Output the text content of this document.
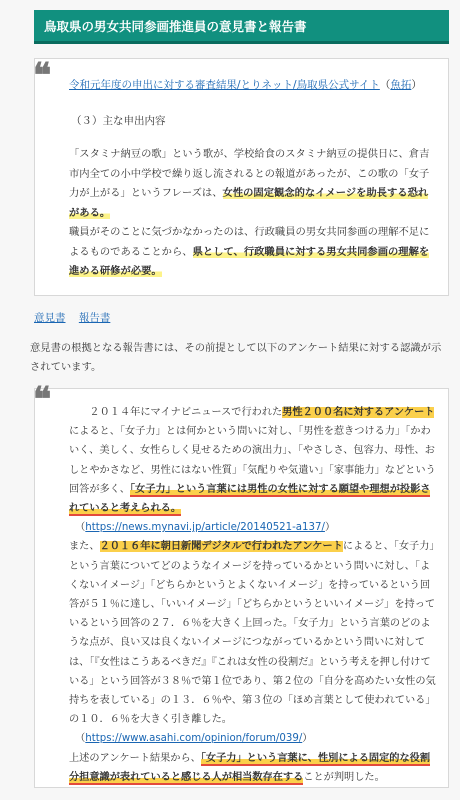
鳥取県の男女共同参画推進員の意見書と報告書
❝ 令和元年度の申出に対する審査結果/とりネット/鳥取県公式サイト（魚拓）
（３）主な申出内容
「スタミナ納豆の歌」という歌が、学校給食のスタミナ納豆の提供日に、倉吉市内全ての小中学校で繰り返し流されるとの報道があったが、この歌の「女子力が上がる」というフレーズは、女性の固定観念的なイメージを助長する恐れがある。
職員がそのことに気づかなかったのは、行政職員の男女共同参画の理解不足によるものであることから、県として、行政職員に対する男女共同参画の理解を進める研修が必要。
意見書 報告書
意見書の根拠となる報告書には、その前提として以下のアンケート結果に対する認識が示されています。
❝	２０１４年にマイナビニュースで行われた男性２００名に対するアンケートによると、「女子力」とは何かという問いに対し、「男性を惹きつける力」「かわいく、美しく、女性らしく見せるための演出力」、「やさしさ、包容力、母性、おしとやかさなど、男性にはない性質」「気配りや気遣い」「家事能力」などという回答が多く、「女子力」という言葉には男性の女性に対する願望や理想が投影されていると考えられる。
（https://news.mynavi.jp/article/20140521-a137/）
また、２０１６年に朝日新聞デジタルで行われたアンケートによると、「女子力」という言葉についてどのようなイメージを持っているかという問いに対し、「よくないイメージ」「どちらかというとよくないイメージ」を持っているという回答が５１％に達し、「いいイメージ」「どちらかというといいイメージ」を持っているという回答の２７．６％を大きく上回った。「女子力」という言葉のどのような点が、良い又は良くないイメージにつながっているかという問いに対しては、「『女性はこうあるべきだ』『これは女性の役割だ』という考えを押し付けている」という回答が３８％で第１位であり、第２位の「自分を高めたい女性の気持ちを表している」の１３．６％や、第３位の「ほめ言葉として使われている」の１０．６％を大きく引き離した。
（https://www.asahi.com/opinion/forum/039/）
上述のアンケート結果から、「女子力」という言葉に、性別による固定的な役割分担意識が表れていると感じる人が相当数存在することが判明した。
